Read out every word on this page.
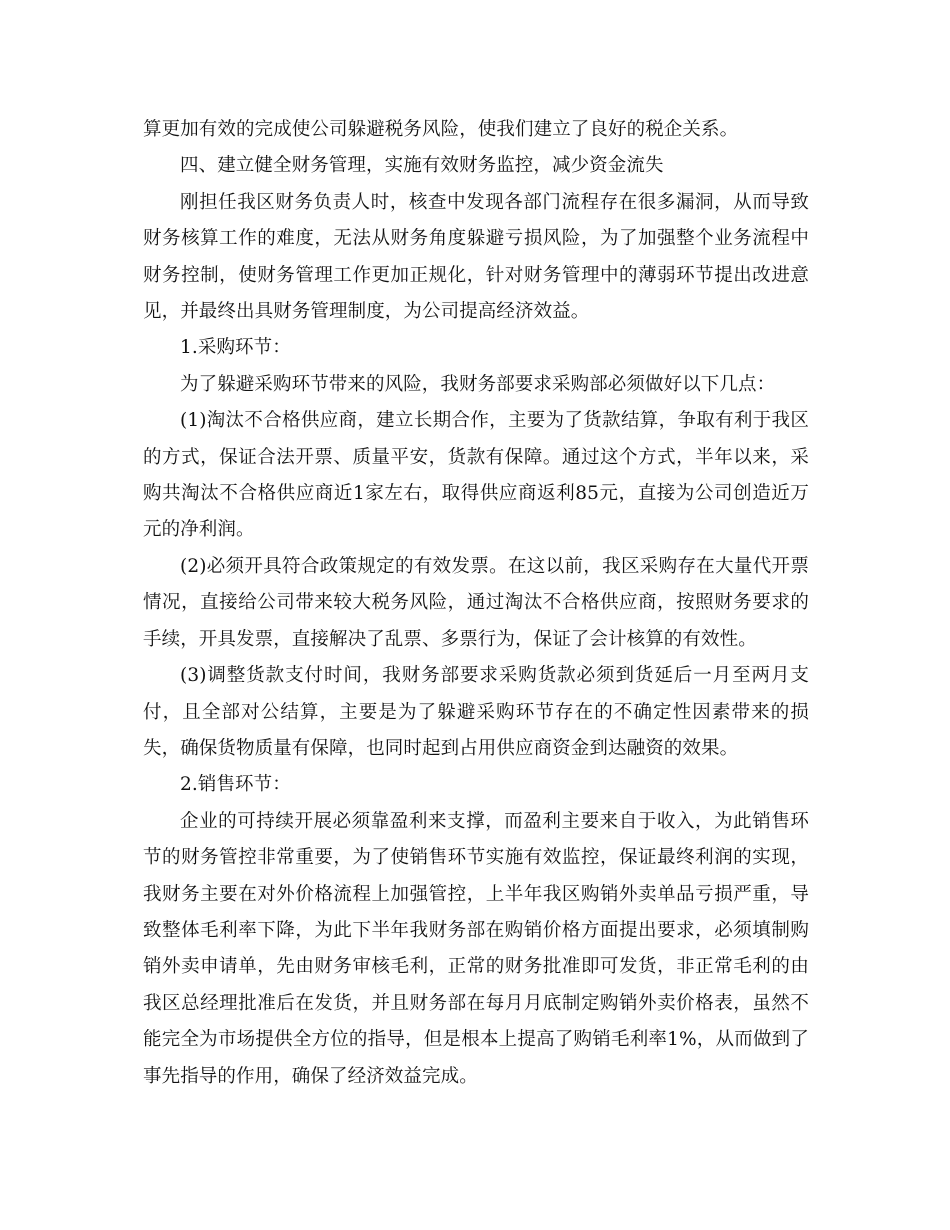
算更加有效的完成使公司躲避税务风险，使我们建立了良好的税企关系。

四、建立健全财务管理，实施有效财务监控，减少资金流失

刚担任我区财务负责人时，核查中发现各部门流程存在很多漏洞，从而导致财务核算工作的难度，无法从财务角度躲避亏损风险，为了加强整个业务流程中财务控制，使财务管理工作更加正规化，针对财务管理中的薄弱环节提出改进意见，并最终出具财务管理制度，为公司提高经济效益。

1.采购环节：

为了躲避采购环节带来的风险，我财务部要求采购部必须做好以下几点：

(1)淘汰不合格供应商，建立长期合作，主要为了货款结算，争取有利于我区的方式，保证合法开票、质量平安，货款有保障。通过这个方式，半年以来，采购共淘汰不合格供应商近1家左右，取得供应商返利85元，直接为公司创造近万元的净利润。

(2)必须开具符合政策规定的有效发票。在这以前，我区采购存在大量代开票情况，直接给公司带来较大税务风险，通过淘汰不合格供应商，按照财务要求的手续，开具发票，直接解决了乱票、多票行为，保证了会计核算的有效性。

(3)调整货款支付时间，我财务部要求采购货款必须到货延后一月至两月支付，且全部对公结算，主要是为了躲避采购环节存在的不确定性因素带来的损失，确保货物质量有保障，也同时起到占用供应商资金到达融资的效果。

2.销售环节：

企业的可持续开展必须靠盈利来支撑，而盈利主要来自于收入，为此销售环节的财务管控非常重要，为了使销售环节实施有效监控，保证最终利润的实现，我财务主要在对外价格流程上加强管控，上半年我区购销外卖单品亏损严重，导致整体毛利率下降，为此下半年我财务部在购销价格方面提出要求，必须填制购销外卖申请单，先由财务审核毛利，正常的财务批准即可发货，非正常毛利的由我区总经理批准后在发货，并且财务部在每月月底制定购销外卖价格表，虽然不能完全为市场提供全方位的指导，但是根本上提高了购销毛利率1%，从而做到了事先指导的作用，确保了经济效益完成。
